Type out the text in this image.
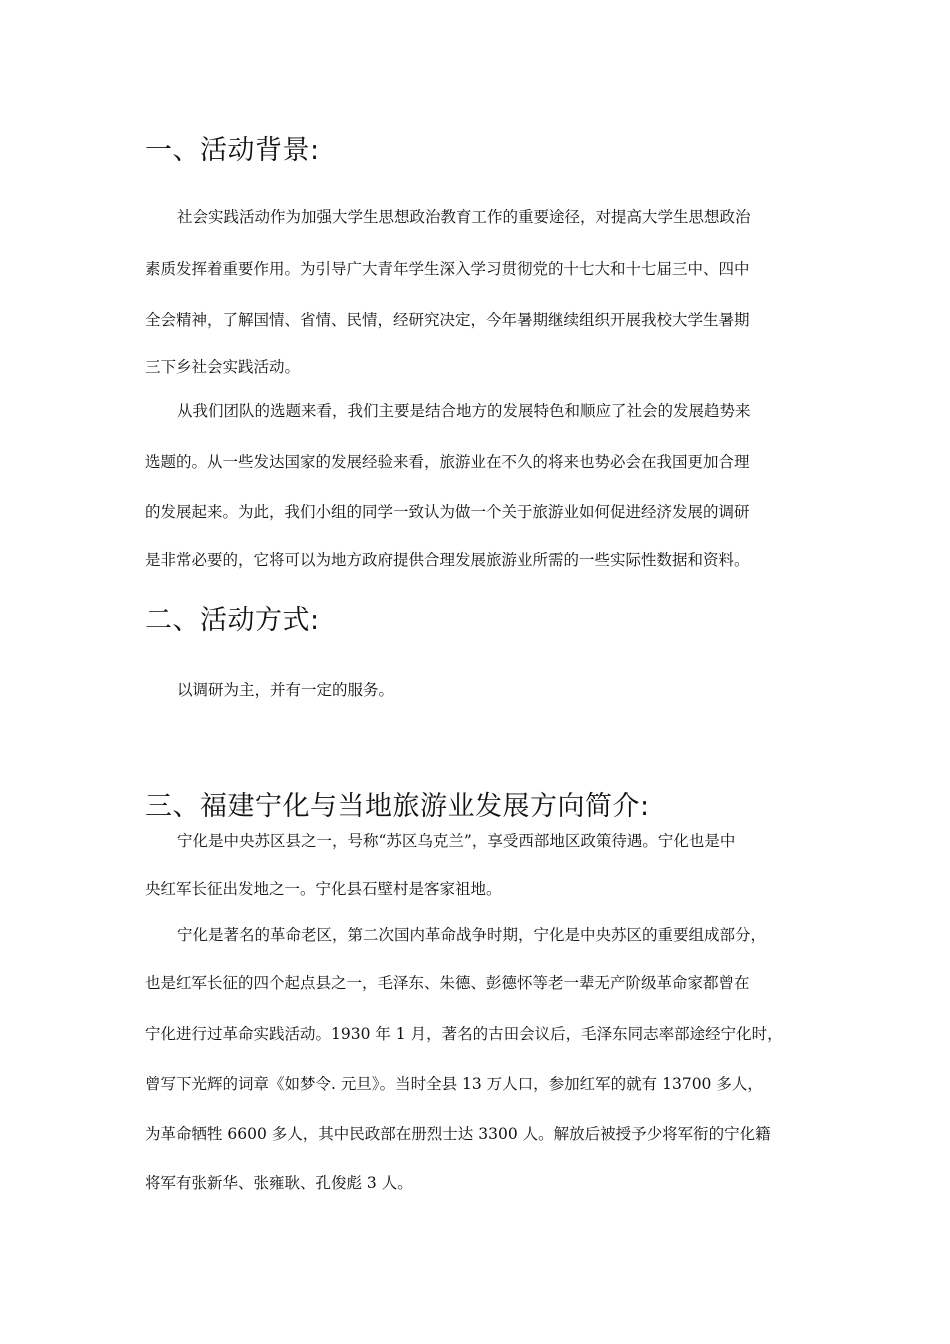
一、活动背景:

社会实践活动作为加强大学生思想政治教育工作的重要途径，对提高大学生思想政治

素质发挥着重要作用。为引导广大青年学生深入学习贯彻党的十七大和十七届三中、四中

全会精神，了解国情、省情、民情，经研究决定，今年暑期继续组织开展我校大学生暑期

三下乡社会实践活动。

从我们团队的选题来看，我们主要是结合地方的发展特色和顺应了社会的发展趋势来

选题的。从一些发达国家的发展经验来看，旅游业在不久的将来也势必会在我国更加合理

的发展起来。为此，我们小组的同学一致认为做一个关于旅游业如何促进经济发展的调研

是非常必要的，它将可以为地方政府提供合理发展旅游业所需的一些实际性数据和资料。

二、活动方式:

以调研为主，并有一定的服务。

三、福建宁化与当地旅游业发展方向简介:

宁化是中央苏区县之一，号称“苏区乌克兰”，享受西部地区政策待遇。宁化也是中

央红军长征出发地之一。宁化县石壁村是客家祖地。

宁化是著名的革命老区，第二次国内革命战争时期，宁化是中央苏区的重要组成部分，

也是红军长征的四个起点县之一，毛泽东、朱德、彭德怀等老一辈无产阶级革命家都曾在

宁化进行过革命实践活动。1930 年 1 月，著名的古田会议后，毛泽东同志率部途经宁化时，

曾写下光辉的词章《如梦令. 元旦》。当时全县 13 万人口，参加红军的就有 13700 多人，

为革命牺牲 6600 多人，其中民政部在册烈士达 3300 人。解放后被授予少将军衔的宁化籍

将军有张新华、张雍耿、孔俊彪 3 人。
